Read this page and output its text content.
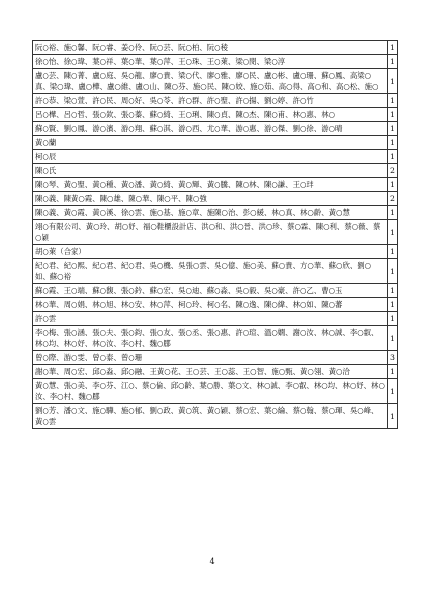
阮○裕、施○馨、阮○睿、姜○伶、阮○芸、阮○柏、阮○稜	1
徐○怡、徐○瑋、葉○祥、葉○華、葉○萍、王○珠、王○萊、梁○閔、梁○淳	1
盧○芸、陳○菁、盧○庭、吳○龍、廖○貴、梁○代、廖○雅、廖○民、盧○彬、盧○珊、蘇○鳳、高梁○真、梁○瑋、盧○樺、盧○維、盧○山、陳○芬、施○民、陳○姣、施○茹、高○得、高○和、高○松、施○	1
許○恭、梁○萱、許○民、周○好、吳○苓、許○群、許○聖、許○揚、劉○婷、許○竹	1
呂○樺、呂○哲、張○欽、張○蓁、蘇○綺、王○琍、陳○貞、陳○杰、陳○甫、林○惠、林○	1
蘇○賢、劉○鳳、游○濱、游○翔、蘇○淇、游○西、尤○華、游○惠、游○傑、劉○徐、游○晴	1
黃○蘭	1
柯○辰	1
陳○氏	2
陳○琴、黃○聖、黃○種、黃○潘、黃○綺、黃○輝、黃○騰、陳○林、陳○謙、王○玤	1
陳○義、陳黃○霞、陳○雄、陳○華、陳○平、陳○強	2
陳○義、黃○霞、黃○溪、徐○雲、施○基、施○章、施陳○治、彭○緩、林○真、林○齡、黃○慧	1
翊○有限公司、黃○玲、胡○妤、福○鞋櫃設計店、洪○和、洪○晉、洪○珍、蔡○霖、陳○利、蔡○薇、蔡○穎	1
胡○萊（合家）	1
紀○君、紀○熙、紀○君、紀○君、吳○機、吳張○雲、吳○億、施○美、蘇○貴、方○華、蘇○欣、劉○如、蘇○裕	1
蘇○霞、王○端、蘇○馥、張○鈐、蘇○宏、吳○迪、蘇○淼、吳○毅、吳○豪、許○乙、曹○玉	1
林○華、周○娟、林○旭、林○安、林○萍、柯○玲、柯○名、陳○逸、陳○緯、林○如、陳○蕃	1
許○雲	1
李○梅、張○涵、張○夫、張○鈞、張○友、張○丞、張○惠、許○瑄、溫○嫺、謝○汝、林○誠、李○叡、林○均、林○妤、林○汝、李○村、魏○郿	1
曾○際、游○雯、曾○泰、曾○珊	3
謝○華、周○宏、邱○淼、邱○融、王黃○花、王○芸、王○蕊、王○智、施○甄、黃○翎、黃○洽	1
黃○慧、張○美、李○芬、江○、蔡○倫、邱○齡、葉○勝、葉○文、林○誠、李○叡、林○均、林○妤、林○汝、李○村、魏○郿	1
劉○芳、潘○文、施○驊、施○郁、劉○政、黃○筑、黃○穎、蔡○宏、葉○綸、蔡○翰、蔡○琿、吳○峰、黃○雲	1
4
